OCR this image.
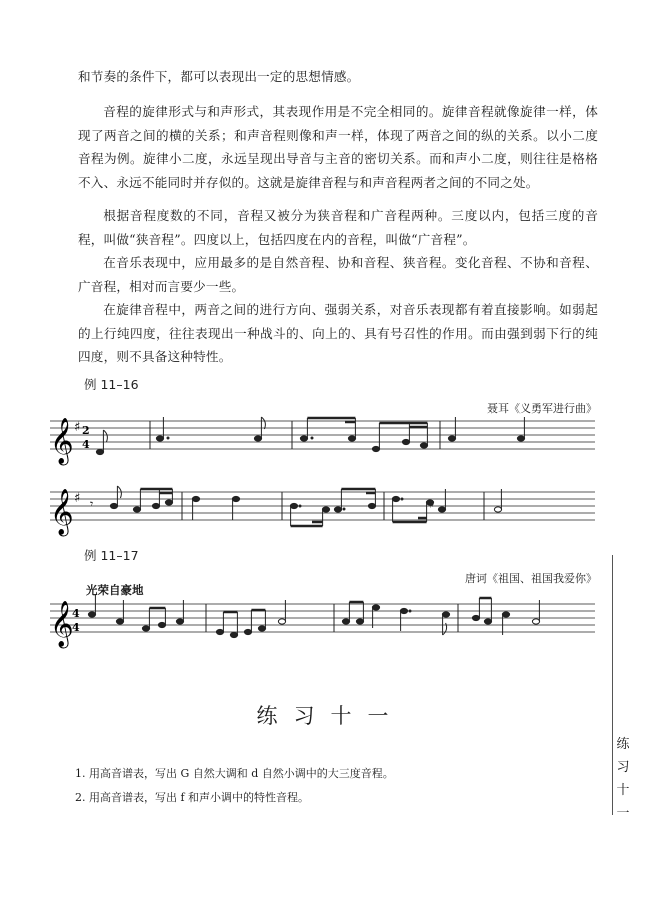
和节奏的条件下，都可以表现出一定的思想情感。

音程的旋律形式与和声形式，其表现作用是不完全相同的。旋律音程就像旋律一样，体现了两音之间的横的关系；和声音程则像和声一样，体现了两音之间的纵的关系。以小二度音程为例。旋律小二度，永远呈现出导音与主音的密切关系。而和声小二度，则往往是格格不入、永远不能同时并存似的。这就是旋律音程与和声音程两者之间的不同之处。

根据音程度数的不同，音程又被分为狭音程和广音程两种。三度以内，包括三度的音程，叫做“狭音程”。四度以上，包括四度在内的音程，叫做“广音程”。

在音乐表现中，应用最多的是自然音程、协和音程、狭音程。变化音程、不协和音程、广音程，相对而言要少一些。

在旋律音程中，两音之间的进行方向、强弱关系，对音乐表现都有着直接影响。如弱起的上行纯四度，往往表现出一种战斗的、向上的、具有号召性的作用。而由强到弱下行的纯四度，则不具备这种特性。

例 11–16
聂耳《义勇军进行曲》
𝄞 ♯ 2
4
𝄞 ♯ 𝄾	♯
例 11–17
唐诃《祖国、祖国我爱你》
光荣自豪地
𝄞
4
4
练习十一
1. 用高音谱表，写出 G 自然大调和 d 自然小调中的大三度音程。
2. 用高音谱表，写出 f 和声小调中的特性音程。
练
习
十
一
